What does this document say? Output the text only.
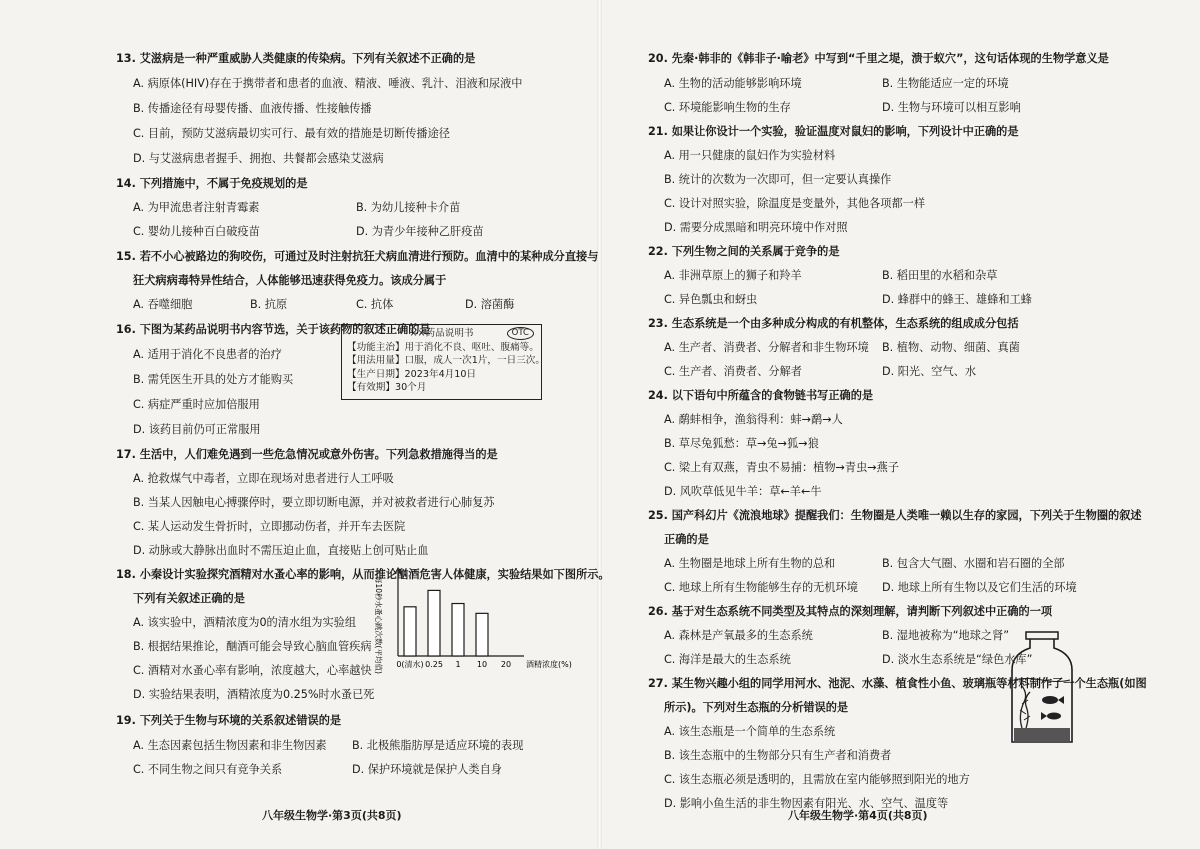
13. 艾滋病是一种严重威胁人类健康的传染病。下列有关叙述不正确的是
A. 病原体(HIV)存在于携带者和患者的血液、精液、唾液、乳汁、泪液和尿液中
B. 传播途径有母婴传播、血液传播、性接触传播
C. 目前，预防艾滋病最切实可行、最有效的措施是切断传播途径
D. 与艾滋病患者握手、拥抱、共餐都会感染艾滋病
14. 下列措施中，不属于免疫规划的是
A. 为甲流患者注射青霉素	B. 为幼儿接种卡介苗
C. 婴幼儿接种百白破疫苗	D. 为青少年接种乙肝疫苗
15. 若不小心被路边的狗咬伤，可通过及时注射抗狂犬病血清进行预防。血清中的某种成分直接与
狂犬病病毒特异性结合，人体能够迅速获得免疫力。该成分属于
A. 吞噬细胞	B. 抗原	C. 抗体	D. 溶菌酶
16. 下图为某药品说明书内容节选，关于该药物的叙述正确的是
A. 适用于消化不良患者的治疗
B. 需凭医生开具的处方才能购买
C. 病症严重时应加倍服用
D. 该药目前仍可正常服用
17. 生活中，人们难免遇到一些危急情况或意外伤害。下列急救措施得当的是
A. 抢救煤气中毒者，立即在现场对患者进行人工呼吸
B. 当某人因触电心搏骤停时，要立即切断电源，并对被救者进行心肺复苏
C. 某人运动发生骨折时，立即挪动伤者，并开车去医院
D. 动脉或大静脉出血时不需压迫止血，直接贴上创可贴止血
18. 小秦设计实验探究酒精对水蚤心率的影响，从而推论酗酒危害人体健康，实验结果如下图所示。
下列有关叙述正确的是
A. 该实验中，酒精浓度为0的清水组为实验组
B. 根据结果推论，酗酒可能会导致心脑血管疾病
C. 酒精对水蚤心率有影响，浓度越大，心率越快
D. 实验结果表明，酒精浓度为0.25%时水蚤已死
19. 下列关于生物与环境的关系叙述错误的是
A. 生态因素包括生物因素和非生物因素 B. 北极熊脂肪厚是适应环境的表现
C. 不同生物之间只有竞争关系	D. 保护环境就是保护人类自身
20. 先秦·韩非的《韩非子·喻老》中写到“千里之堤，溃于蚁穴”，这句话体现的生物学意义是
A. 生物的活动能够影响环境	B. 生物能适应一定的环境
C. 环境能影响生物的生存	D. 生物与环境可以相互影响
21. 如果让你设计一个实验，验证温度对鼠妇的影响，下列设计中正确的是
A. 用一只健康的鼠妇作为实验材料
B. 统计的次数为一次即可，但一定要认真操作
C. 设计对照实验，除温度是变量外，其他各项都一样
D. 需要分成黑暗和明亮环境中作对照
22. 下列生物之间的关系属于竞争的是
A. 非洲草原上的狮子和羚羊	B. 稻田里的水稻和杂草
C. 异色瓢虫和蚜虫	D. 蜂群中的蜂王、雄蜂和工蜂
23. 生态系统是一个由多种成分构成的有机整体，生态系统的组成成分包括
A. 生产者、消费者、分解者和非生物环境 B. 植物、动物、细菌、真菌
C. 生产者、消费者、分解者	D. 阳光、空气、水
24. 以下语句中所蕴含的食物链书写正确的是
A. 鹬蚌相争，渔翁得利：蚌→鹬→人
B. 草尽兔狐愁：草→兔→狐→狼
C. 梁上有双燕，青虫不易捕：植物→青虫→燕子
D. 风吹草低见牛羊：草←羊←牛
25. 国产科幻片《流浪地球》提醒我们：生物圈是人类唯一赖以生存的家园，下列关于生物圈的叙述
正确的是
A. 生物圈是地球上所有生物的总和	B. 包含大气圈、水圈和岩石圈的全部
C. 地球上所有生物能够生存的无机环境 D. 地球上所有生物以及它们生活的环境
26. 基于对生态系统不同类型及其特点的深刻理解，请判断下列叙述中正确的一项
A. 森林是产氧最多的生态系统	B. 湿地被称为“地球之肾”
C. 海洋是最大的生态系统	D. 淡水生态系统是“绿色水库”
27. 某生物兴趣小组的同学用河水、池泥、水藻、植食性小鱼、玻璃瓶等材料制作了一个生态瓶(如图
所示)。下列对生态瓶的分析错误的是
A. 该生态瓶是一个简单的生态系统
B. 该生态瓶中的生物部分只有生产者和消费者
C. 该生态瓶必须是透明的，且需放在室内能够照到阳光的地方
D. 影响小鱼生活的非生物因素有阳光、水、空气、温度等
××药品说明书	OTC
【功能主治】用于消化不良、呕吐、腹痛等。
【用法用量】口服，成人一次1片，一日三次。
【生产日期】2023年4月10日
【有效期】30个月
每10秒水蚤心跳次数(平均值) 0(清水) 0.25 1 10 20 酒精浓度(%)
八年级生物学·第3页(共8页)	八年级生物学·第4页(共8页)
